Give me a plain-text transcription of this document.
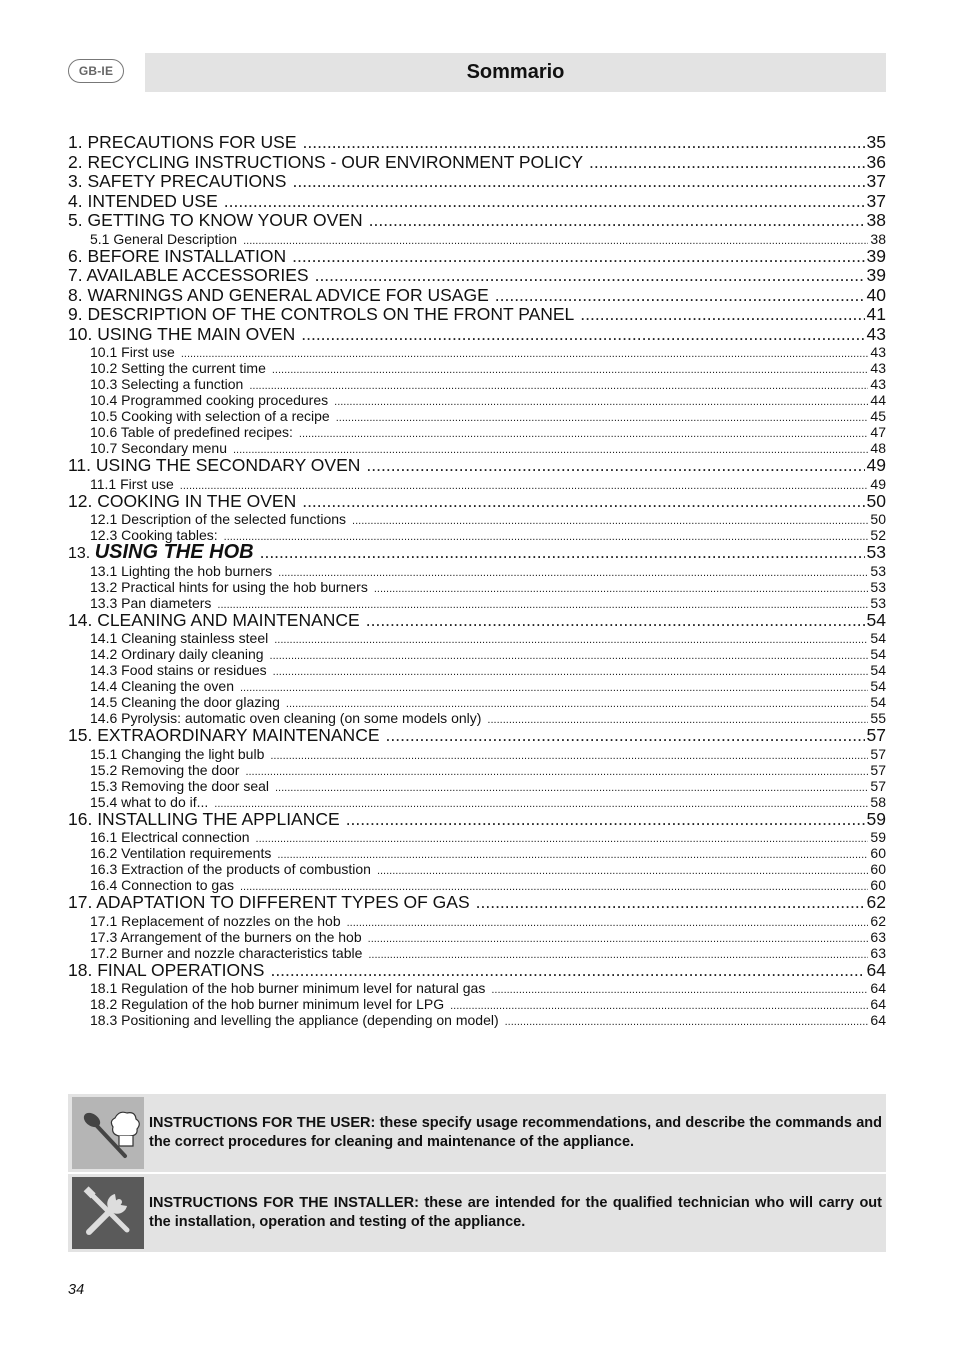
GB-IE	Sommario
1. PRECAUTIONS FOR USE .....	35
2. RECYCLING INSTRUCTIONS - OUR ENVIRONMENT POLICY .....	36
3. SAFETY PRECAUTIONS .....	37
4. INTENDED USE .....	37
5. GETTING TO KNOW YOUR OVEN .....	38
5.1 General Description .....	38
6. BEFORE INSTALLATION .....	39
7. AVAILABLE ACCESSORIES .....	39
8. WARNINGS AND GENERAL ADVICE FOR USAGE .....	40
9. DESCRIPTION OF THE CONTROLS ON THE FRONT PANEL .....	41
10. USING THE MAIN OVEN .....	43
10.1 First use .....	43
10.2 Setting the current time .....	43
10.3 Selecting a function .....	43
10.4 Programmed cooking procedures .....	44
10.5 Cooking with selection of a recipe .....	45
10.6 Table of predefined recipes: .....	47
10.7 Secondary menu .....	48
11. USING THE SECONDARY OVEN .....	49
11.1 First use .....	49
12. COOKING IN THE OVEN .....	50
12.1 Description of the selected functions .....	50
12.3 Cooking tables: .....	52
13. USING THE HOB .....	53
13.1 Lighting the hob burners .....	53
13.2 Practical hints for using the hob burners .....	53
13.3 Pan diameters .....	53
14. CLEANING AND MAINTENANCE .....	54
14.1 Cleaning stainless steel .....	54
14.2 Ordinary daily cleaning .....	54
14.3 Food stains or residues .....	54
14.4 Cleaning the oven .....	54
14.5 Cleaning the door glazing .....	54
14.6 Pyrolysis: automatic oven cleaning (on some models only) .....	55
15. EXTRAORDINARY MAINTENANCE .....	57
15.1 Changing the light bulb .....	57
15.2 Removing the door .....	57
15.3 Removing the door seal .....	57
15.4 what to do if... .....	58
16. INSTALLING THE APPLIANCE .....	59
16.1 Electrical connection .....	59
16.2 Ventilation requirements .....	60
16.3 Extraction of the products of combustion .....	60
16.4 Connection to gas .....	60
17. ADAPTATION TO DIFFERENT TYPES OF GAS .....	62
17.1 Replacement of nozzles on the hob .....	62
17.3 Arrangement of the burners on the hob .....	63
17.2 Burner and nozzle characteristics table .....	63
18. FINAL OPERATIONS .....	64
18.1 Regulation of the hob burner minimum level for natural gas .....	64
18.2 Regulation of the hob burner minimum level for LPG .....	64
18.3 Positioning and levelling the appliance (depending on model) .....	64
INSTRUCTIONS FOR THE USER: these specify usage recommendations, and describe the commands and the correct procedures for cleaning and maintenance of the appliance.
INSTRUCTIONS FOR THE INSTALLER: these are intended for the qualified technician who will carry out the installation, operation and testing of the appliance.
34
